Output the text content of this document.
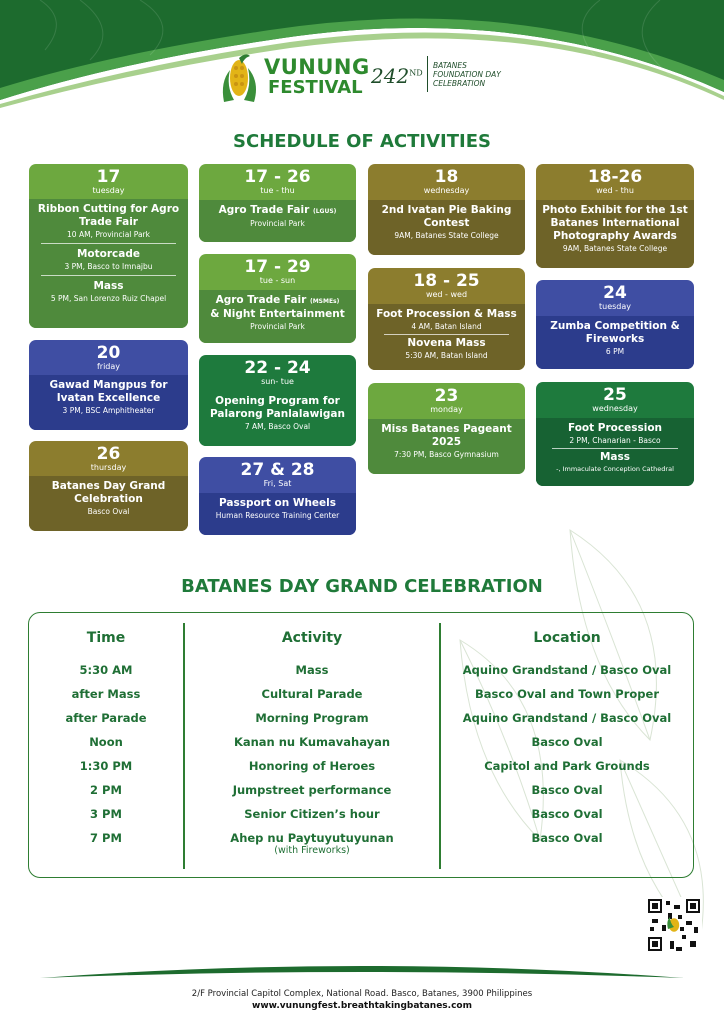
VUNUNG
FESTIVAL 242ND
BATANES
FOUNDATION DAY
CELEBRATION
SCHEDULE OF ACTIVITIES
17
tuesday
Ribbon Cutting for Agro Trade Fair
10 AM, Provincial Park
Motorcade
3 PM, Basco to Imnajbu
Mass
5 PM, San Lorenzo Ruiz Chapel
20
friday
Gawad Mangpus for Ivatan Excellence
3 PM, BSC Amphitheater
26
thursday
Batanes Day Grand Celebration
Basco Oval
17 - 26
tue - thu
Agro Trade Fair (LGUS)
Provincial Park
17 - 29
tue - sun
Agro Trade Fair (MSMEs)
& Night Entertainment
Provincial Park
22 - 24
sun- tue
Opening Program for Palarong Panlalawigan
7 AM, Basco Oval
27 & 28
Fri, Sat
Passport on Wheels
Human Resource Training Center
18
wednesday
2nd Ivatan Pie Baking Contest
9AM, Batanes State College
18 - 25
wed - wed
Foot Procession & Mass
4 AM, Batan Island
Novena Mass
5:30 AM, Batan Island
23
monday
Miss Batanes Pageant 2025
7:30 PM, Basco Gymnasium
18-26
wed - thu
Photo Exhibit for the 1st Batanes International Photography Awards
9AM, Batanes State College
24
tuesday
Zumba Competition & Fireworks
6 PM
25
wednesday
Foot Procession
2 PM, Chanarian - Basco
Mass
-, Immaculate Conception Cathedral
BATANES DAY GRAND CELEBRATION
Time
5:30 AM
after Mass
after Parade
Noon
1:30 PM
2 PM
3 PM
7 PM
Activity
Mass
Cultural Parade
Morning Program
Kanan nu Kumavahayan
Honoring of Heroes
Jumpstreet performance
Senior Citizen’s hour
Ahep nu Paytuyutuyunan
(with Fireworks)
Location
Aquino Grandstand / Basco Oval
Basco Oval and Town Proper
Aquino Grandstand / Basco Oval
Basco Oval
Capitol and Park Grounds
Basco Oval
Basco Oval
Basco Oval
2/F Provincial Capitol Complex, National Road. Basco, Batanes, 3900 Philippines
www.vunungfest.breathtakingbatanes.com
